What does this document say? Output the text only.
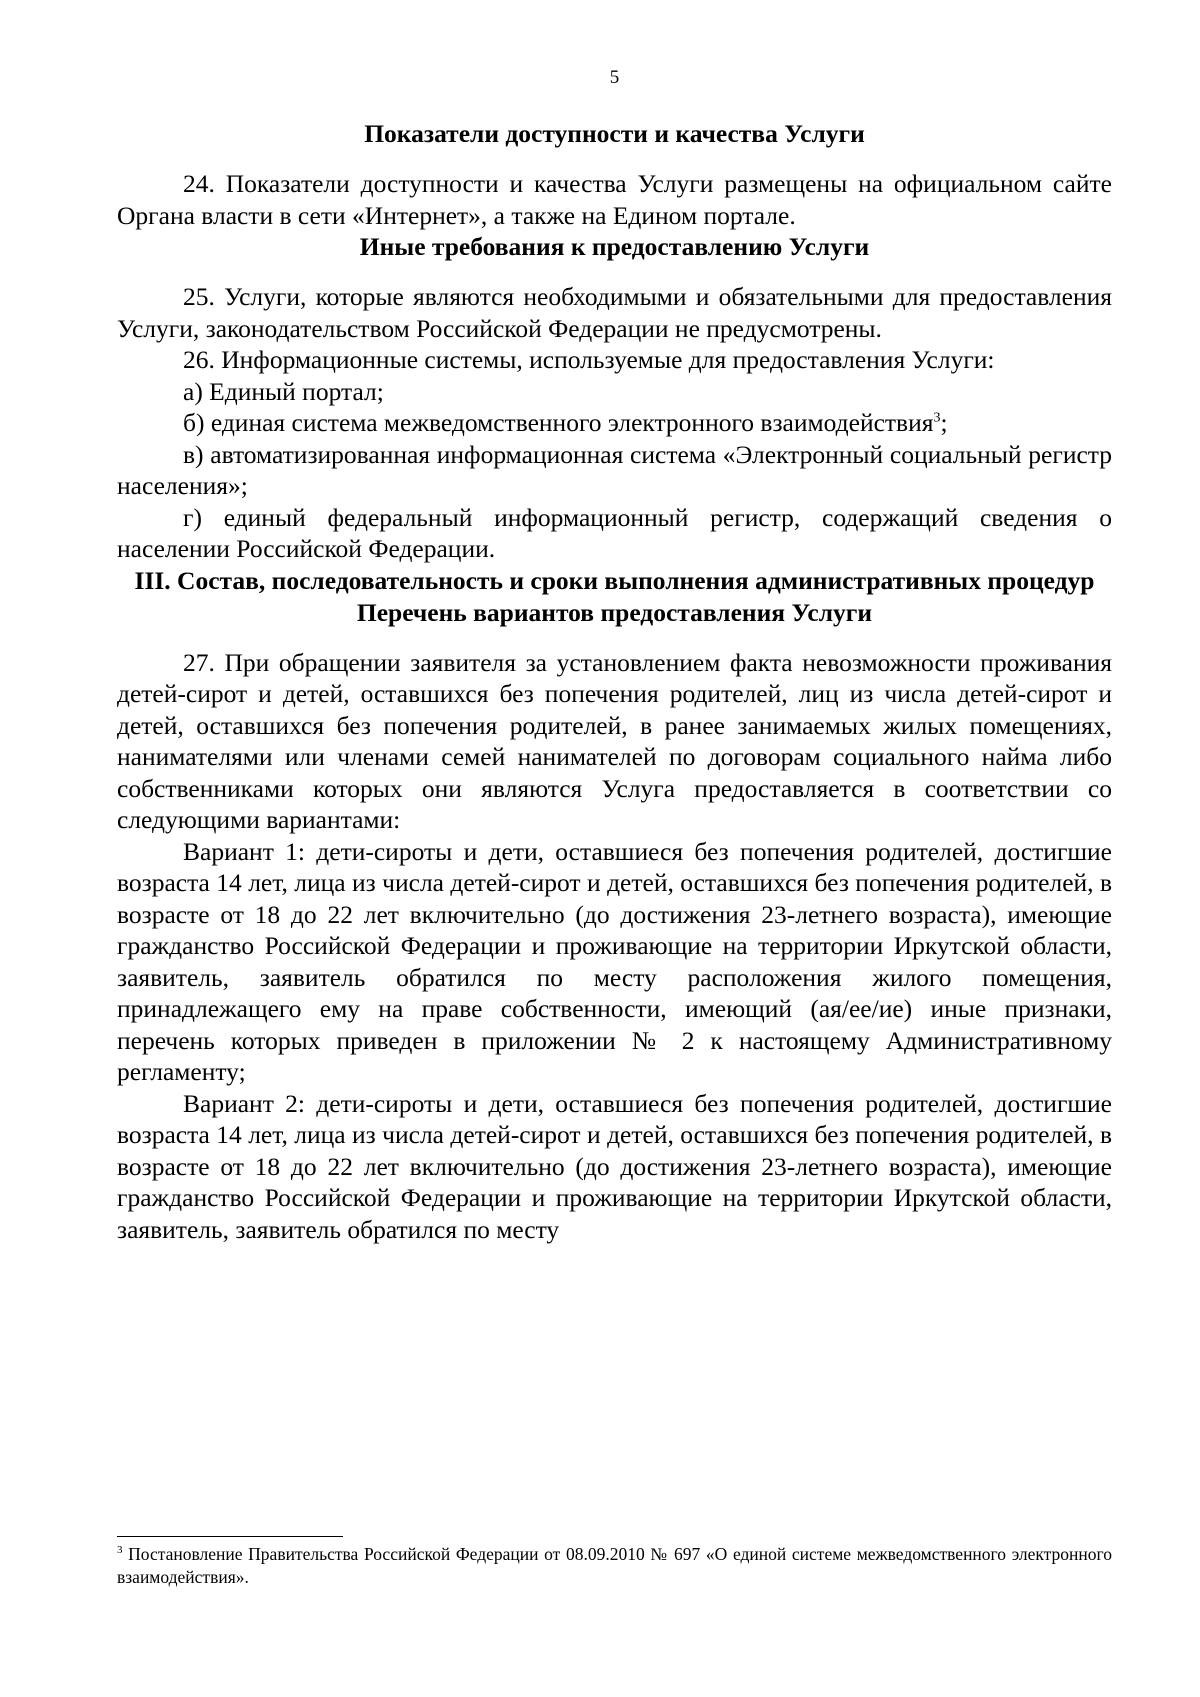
5
Показатели доступности и качества Услуги

24. Показатели доступности и качества Услуги размещены на официальном сайте Органа власти в сети «Интернет», а также на Едином портале.

Иные требования к предоставлению Услуги

25. Услуги, которые являются необходимыми и обязательными для предоставления Услуги, законодательством Российской Федерации не предусмотрены.

26. Информационные системы, используемые для предоставления Услуги:

а) Единый портал;

б) единая система межведомственного электронного взаимодействия$^3$;

в) автоматизированная информационная система «Электронный социальный регистр населения»;

г) единый федеральный информационный регистр, содержащий сведения о населении Российской Федерации.

III. Состав, последовательность и сроки выполнения административных процедур
Перечень вариантов предоставления Услуги

27. При обращении заявителя за установлением факта невозможности проживания детей-сирот и детей, оставшихся без попечения родителей, лиц из числа детей-сирот и детей, оставшихся без попечения родителей, в ранее занимаемых жилых помещениях, нанимателями или членами семей нанимателей по договорам социального найма либо собственниками которых они являются Услуга предоставляется в соответствии со следующими вариантами:

Вариант 1: дети-сироты и дети, оставшиеся без попечения родителей, достигшие возраста 14 лет, лица из числа детей-сирот и детей, оставшихся без попечения родителей, в возрасте от 18 до 22 лет включительно (до достижения 23-летнего возраста), имеющие гражданство Российской Федерации и проживающие на территории Иркутской области, заявитель, заявитель обратился по месту расположения жилого помещения, принадлежащего ему на праве собственности, имеющий (ая/ее/ие) иные признаки, перечень которых приведен в приложении № 2 к настоящему Административному регламенту;

Вариант 2: дети-сироты и дети, оставшиеся без попечения родителей, достигшие возраста 14 лет, лица из числа детей-сирот и детей, оставшихся без попечения родителей, в возрасте от 18 до 22 лет включительно (до достижения 23-летнего возраста), имеющие гражданство Российской Федерации и проживающие на территории Иркутской области, заявитель, заявитель обратился по месту

$^3$ Постановление Правительства Российской Федерации от 08.09.2010 № 697 «О единой системе межведомственного электронного взаимодействия».
